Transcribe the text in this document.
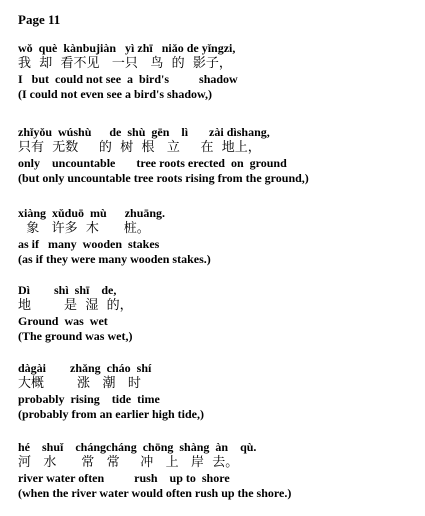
Page 11
wǒ  què  kànbujiàn   yì zhī   niǎo de yǐngzi,
我  却  看不见   一只   鸟  的  影子，
I   but  could not see  a  bird's          shadow
(I could not even see a bird's shadow,)
zhǐyǒu  wúshù      de  shù  gēn    lì       zài dìshang,
只有  无数     的  树  根   立     在  地上，
only    uncountable       tree roots erected  on  ground
(but only uncountable tree roots rising from the ground,)
xiàng  xǔduō  mù      zhuāng.
象   许多  木      桩。
as if   many  wooden  stakes
(as if they were many wooden stakes.)
Dì        shì  shī    de,
地        是  湿  的，
Ground  was  wet
(The ground was wet,)
dàgài        zhǎng  cháo  shí
大概        涨   潮   时
probably  rising    tide  time
(probably from an earlier high tide,)
hé    shuǐ    chángcháng  chōng  shàng  àn    qù.
河   水      常   常     冲   上   岸  去。
river water often          rush    up to  shore
(when the river water would often rush up the shore.)
